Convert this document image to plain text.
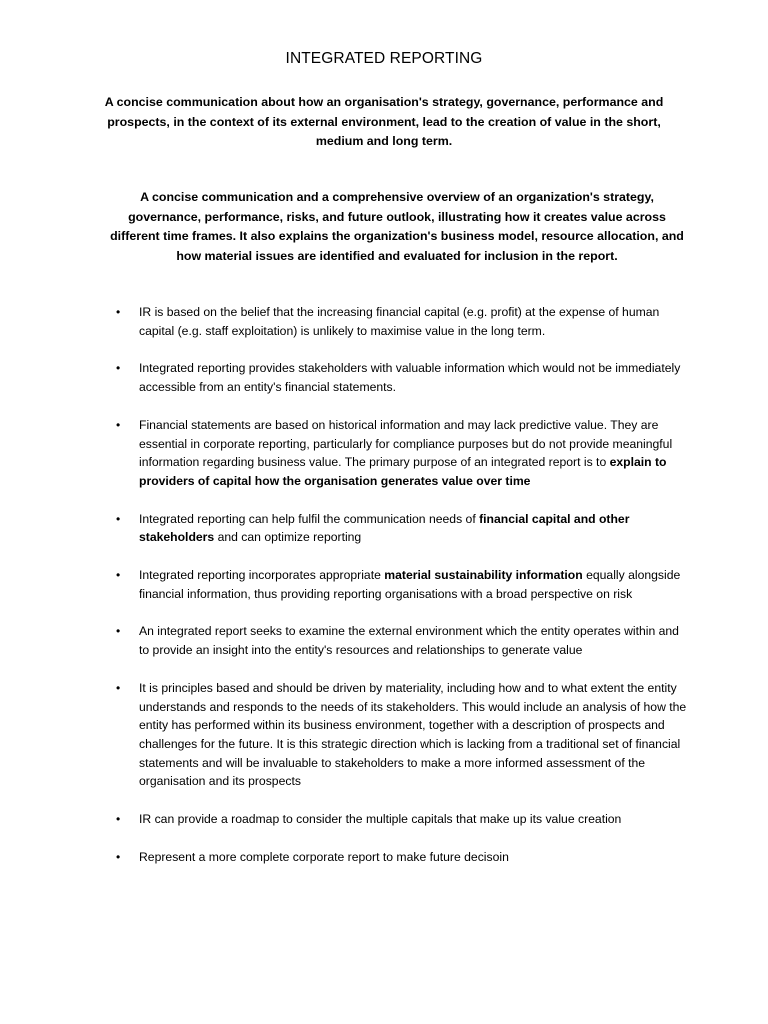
INTEGRATED REPORTING
A concise communication about how an organisation's strategy, governance, performance and prospects, in the context of its external environment, lead to the creation of value in the short, medium and long term.
A concise communication and a comprehensive overview of an organization's strategy, governance, performance, risks, and future outlook, illustrating how it creates value across different time frames. It also explains the organization's business model, resource allocation, and how material issues are identified and evaluated for inclusion in the report.
• IR is based on the belief that the increasing financial capital (e.g. profit) at the expense of human capital (e.g. staff exploitation) is unlikely to maximise value in the long term.
• Integrated reporting provides stakeholders with valuable information which would not be immediately accessible from an entity's financial statements.
• Financial statements are based on historical information and may lack predictive value. They are essential in corporate reporting, particularly for compliance purposes but do not provide meaningful information regarding business value. The primary purpose of an integrated report is to explain to providers of capital how the organisation generates value over time
• Integrated reporting can help fulfil the communication needs of financial capital and other stakeholders and can optimize reporting
• Integrated reporting incorporates appropriate material sustainability information equally alongside financial information, thus providing reporting organisations with a broad perspective on risk
• An integrated report seeks to examine the external environment which the entity operates within and to provide an insight into the entity's resources and relationships to generate value
• It is principles based and should be driven by materiality, including how and to what extent the entity understands and responds to the needs of its stakeholders. This would include an analysis of how the entity has performed within its business environment, together with a description of prospects and challenges for the future. It is this strategic direction which is lacking from a traditional set of financial statements and will be invaluable to stakeholders to make a more informed assessment of the organisation and its prospects
• IR can provide a roadmap to consider the multiple capitals that make up its value creation
• Represent a more complete corporate report to make future decisoin
